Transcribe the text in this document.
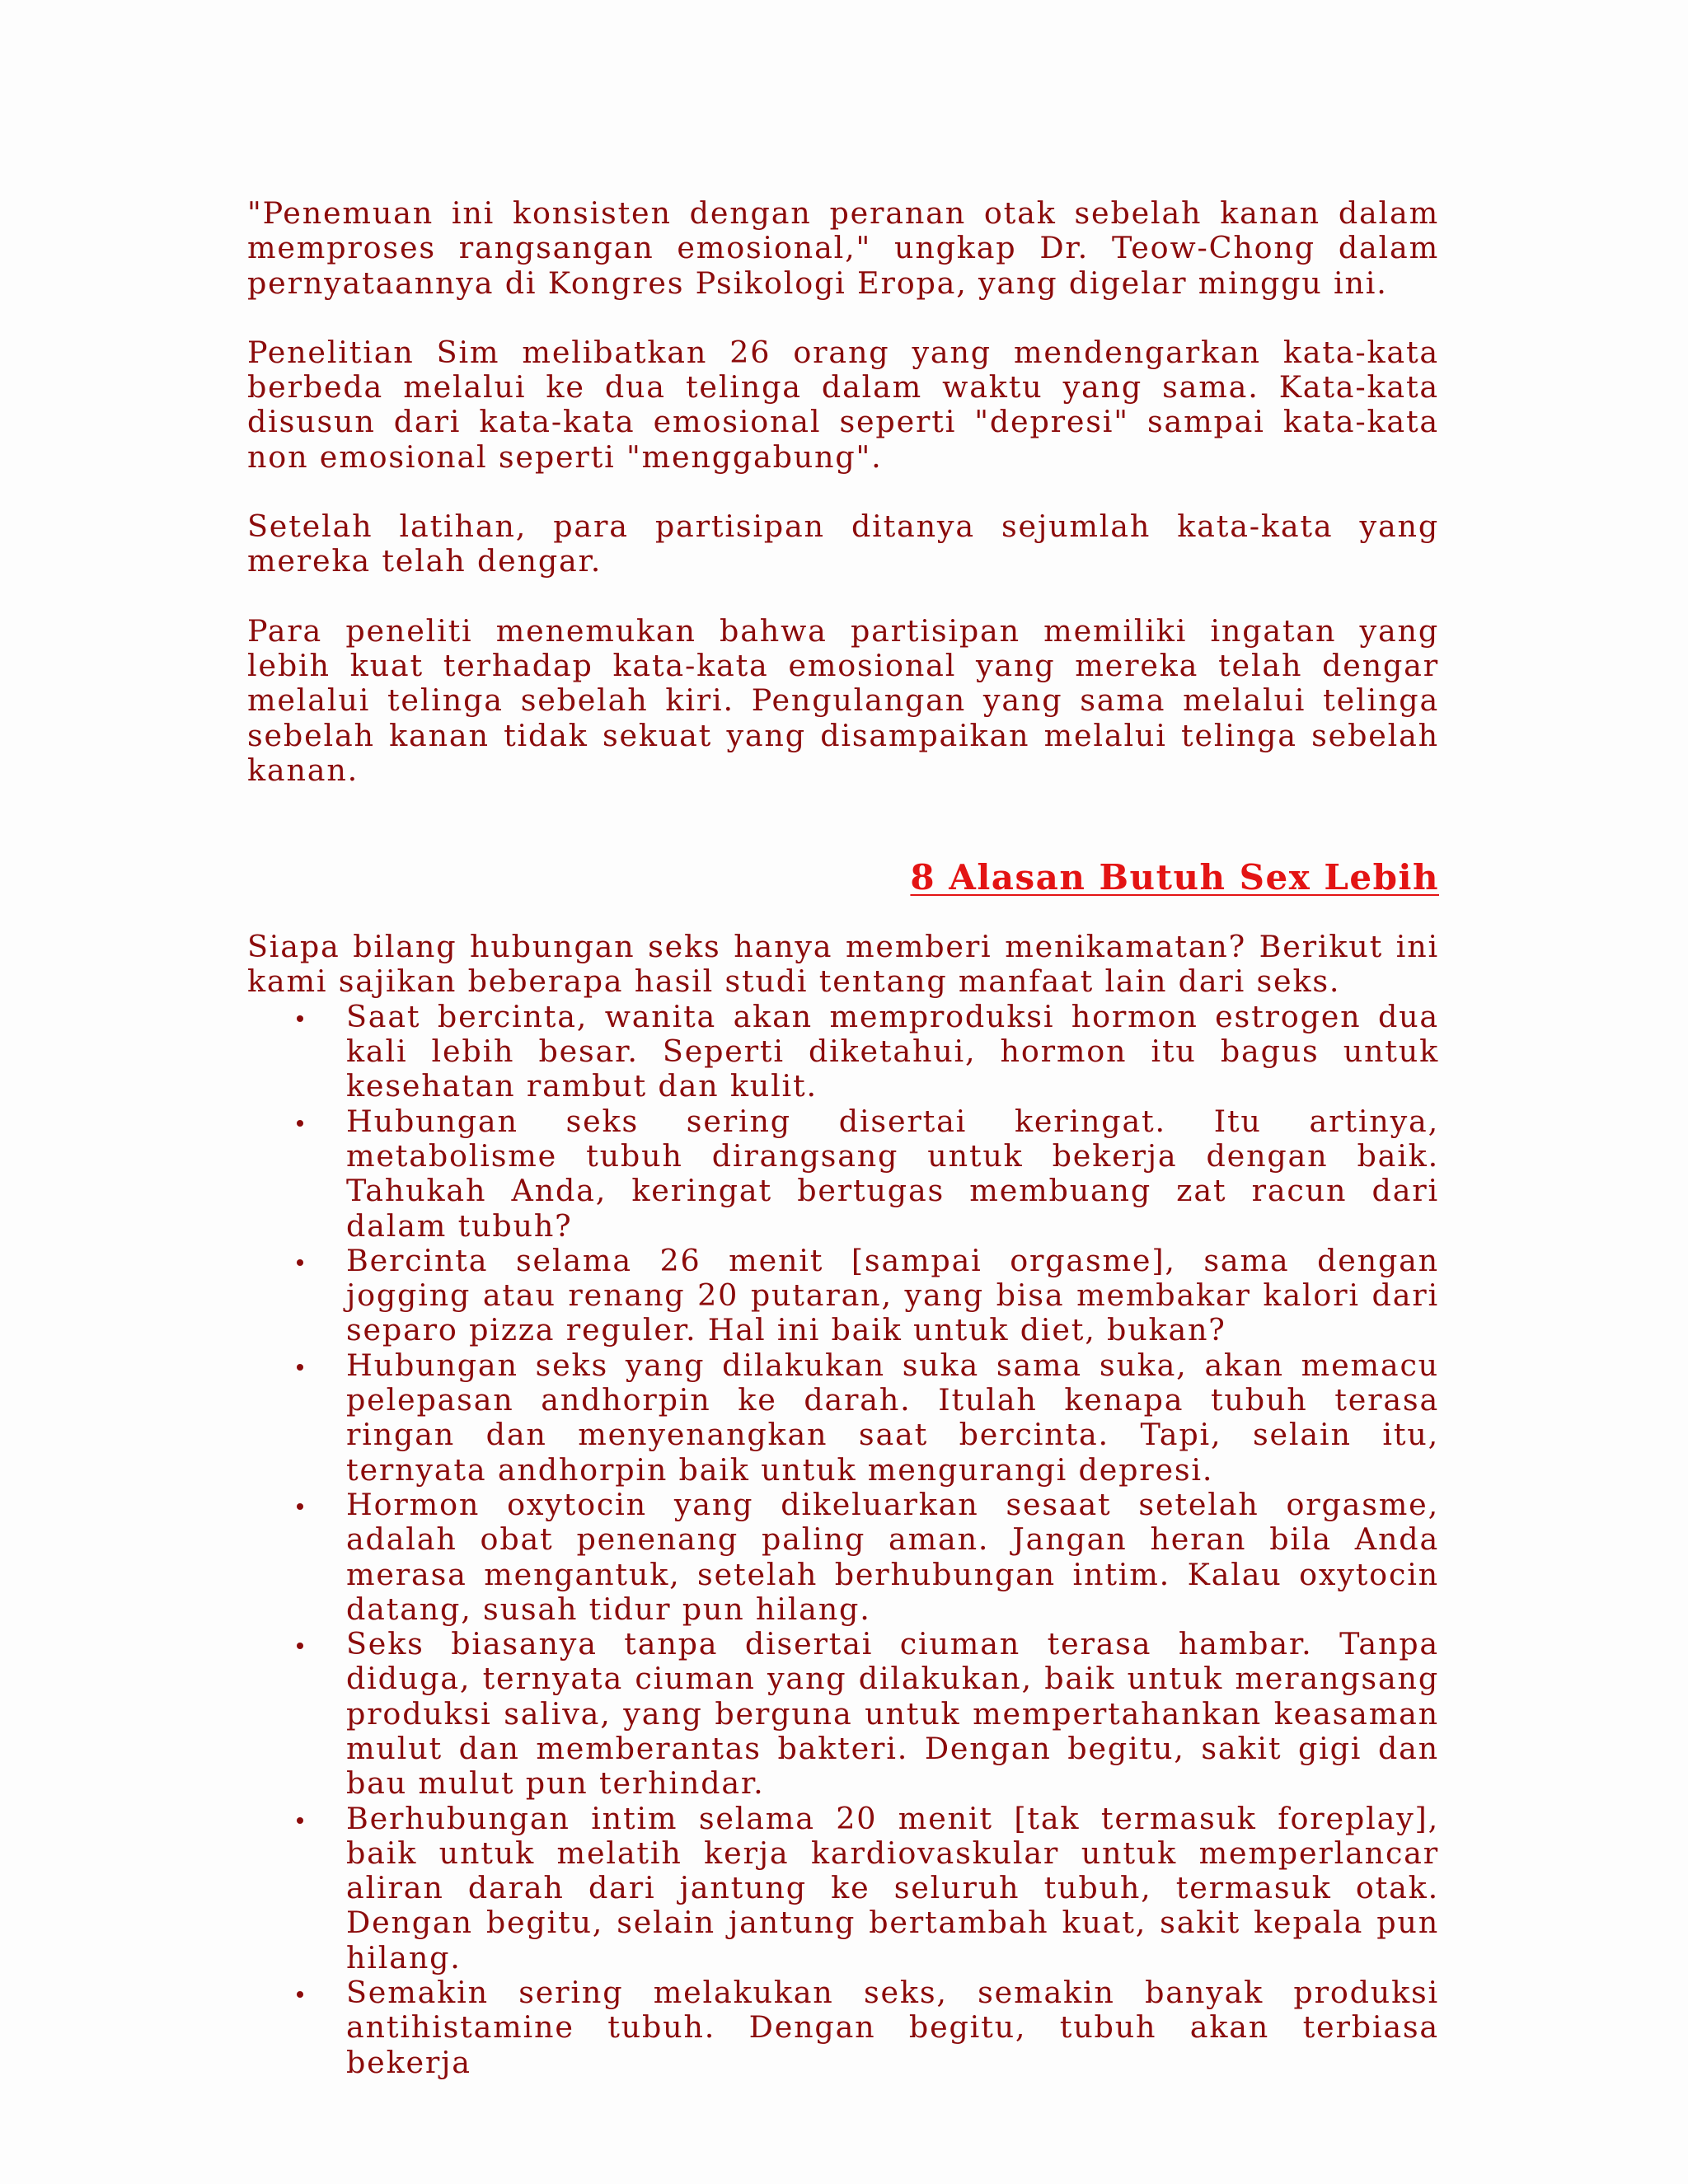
"Penemuan ini konsisten dengan peranan otak sebelah kanan dalam memproses rangsangan emosional," ungkap Dr. Teow-Chong dalam pernyataannya di Kongres Psikologi Eropa, yang digelar minggu ini.

Penelitian Sim melibatkan 26 orang yang mendengarkan kata-kata berbeda melalui ke dua telinga dalam waktu yang sama. Kata-kata disusun dari kata-kata emosional seperti "depresi" sampai kata-kata non emosional seperti "menggabung".

Setelah latihan, para partisipan ditanya sejumlah kata-kata yang mereka telah dengar.

Para peneliti menemukan bahwa partisipan memiliki ingatan yang lebih kuat terhadap kata-kata emosional yang mereka telah dengar melalui telinga sebelah kiri. Pengulangan yang sama melalui telinga sebelah kanan tidak sekuat yang disampaikan melalui telinga sebelah kanan.

8 Alasan Butuh Sex Lebih

Siapa bilang hubungan seks hanya memberi menikamatan? Berikut ini kami sajikan beberapa hasil studi tentang manfaat lain dari seks.

Saat bercinta, wanita akan memproduksi hormon estrogen dua kali lebih besar. Seperti diketahui, hormon itu bagus untuk kesehatan rambut dan kulit.
Hubungan seks sering disertai keringat. Itu artinya, metabolisme tubuh dirangsang untuk bekerja dengan baik. Tahukah Anda, keringat bertugas membuang zat racun dari dalam tubuh?
Bercinta selama 26 menit [sampai orgasme], sama dengan jogging atau renang 20 putaran, yang bisa membakar kalori dari separo pizza reguler. Hal ini baik untuk diet, bukan?
Hubungan seks yang dilakukan suka sama suka, akan memacu pelepasan andhorpin ke darah. Itulah kenapa tubuh terasa ringan dan menyenangkan saat bercinta. Tapi, selain itu, ternyata andhorpin baik untuk mengurangi depresi.
Hormon oxytocin yang dikeluarkan sesaat setelah orgasme, adalah obat penenang paling aman. Jangan heran bila Anda merasa mengantuk, setelah berhubungan intim. Kalau oxytocin datang, susah tidur pun hilang.
Seks biasanya tanpa disertai ciuman terasa hambar. Tanpa diduga, ternyata ciuman yang dilakukan, baik untuk merangsang produksi saliva, yang berguna untuk mempertahankan keasaman mulut dan memberantas bakteri. Dengan begitu, sakit gigi dan bau mulut pun terhindar.
Berhubungan intim selama 20 menit [tak termasuk foreplay], baik untuk melatih kerja kardiovaskular untuk memperlancar aliran darah dari jantung ke seluruh tubuh, termasuk otak. Dengan begitu, selain jantung bertambah kuat, sakit kepala pun hilang.
Semakin sering melakukan seks, semakin banyak produksi antihistamine tubuh. Dengan begitu, tubuh akan terbiasa bekerja
